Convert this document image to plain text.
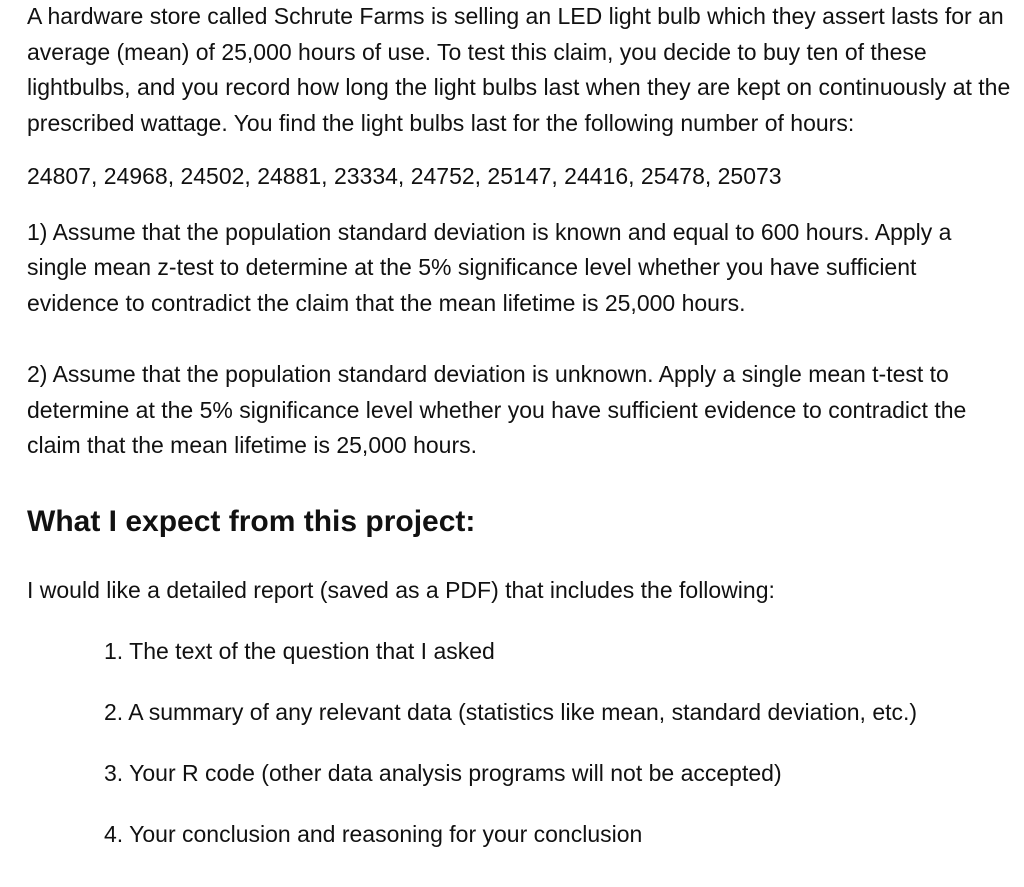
A hardware store called Schrute Farms is selling an LED light bulb which they assert lasts for an average (mean) of 25,000 hours of use. To test this claim, you decide to buy ten of these lightbulbs, and you record how long the light bulbs last when they are kept on continuously at the prescribed wattage. You find the light bulbs last for the following number of hours:

24807, 24968, 24502, 24881, 23334, 24752, 25147, 24416, 25478, 25073

1) Assume that the population standard deviation is known and equal to 600 hours. Apply a single mean z-test to determine at the 5% significance level whether you have sufficient evidence to contradict the claim that the mean lifetime is 25,000 hours.

2) Assume that the population standard deviation is unknown. Apply a single mean t-test to determine at the 5% significance level whether you have sufficient evidence to contradict the claim that the mean lifetime is 25,000 hours.

What I expect from this project:

I would like a detailed report (saved as a PDF) that includes the following:

1. The text of the question that I asked
2. A summary of any relevant data (statistics like mean, standard deviation, etc.)
3. Your R code (other data analysis programs will not be accepted)
4. Your conclusion and reasoning for your conclusion
